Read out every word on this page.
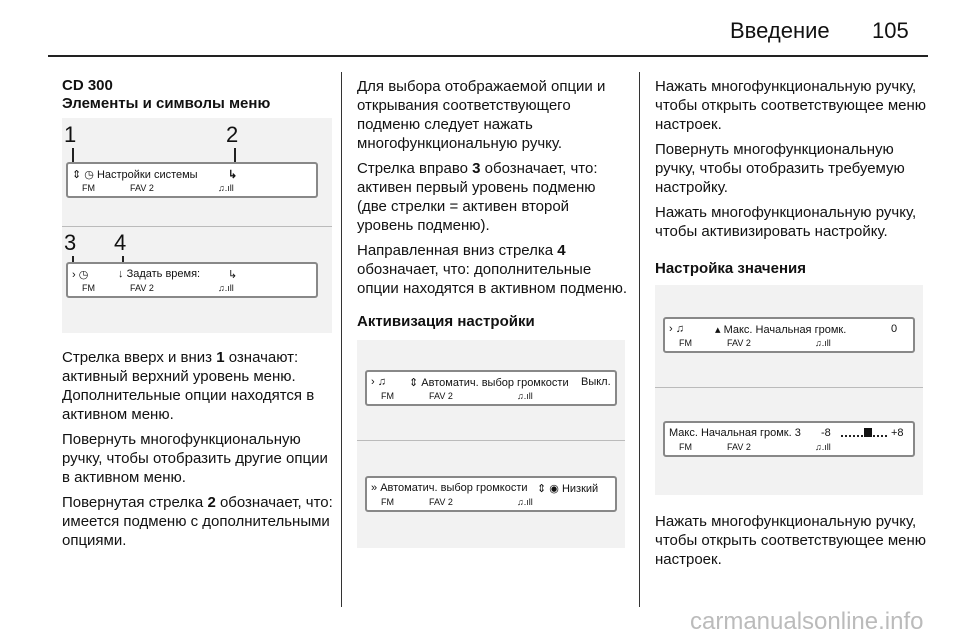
Введение 105
CD 300
Элементы и символы меню
1	2
⇕ ◷ Настройки системы	↳
FM	FAV 2	♫.ıll
3 4
› ◷	↓ Задать время:	↳
FM	FAV 2	♫.ıll

Стрелка вверх и вниз 1 означают: активный верхний уровень меню. Дополнительные опции находятся в активном меню.

Повернуть многофункциональную ручку, чтобы отобразить другие опции в активном меню.

Повернутая стрелка 2 обозначает, что: имеется подменю с дополнительными опциями.

Для выбора отображаемой опции и открывания соответствующего подменю следует нажать многофункциональную ручку.

Стрелка вправо 3 обозначает, что: активен первый уровень подменю (две стрелки = активен второй уровень подменю).

Направленная вниз стрелка 4 обозначает, что: дополнительные опции находятся в активном подменю.

Активизация настройки
› ♫ ⇕ Автоматич. выбор громкости Выкл.
FM	FAV 2	♫.ıll
» Автоматич. выбор громкости ⇕ ◉ Низкий
FM	FAV 2	♫.ıll

Нажать многофункциональную ручку, чтобы открыть соответствующее меню настроек.

Повернуть многофункциональную ручку, чтобы отобразить требуемую настройку.

Нажать многофункциональную ручку, чтобы активизировать настройку.

Настройка значения
› ♫	▴ Макс. Начальная громк.	0
FM	FAV 2	♫.ıll
Макс. Начальная громк. 3 -8	+8
FM	FAV 2	♫.ıll
Нажать многофункциональную ручку, чтобы открыть соответствующее меню настроек.
carmanualsonline.info
